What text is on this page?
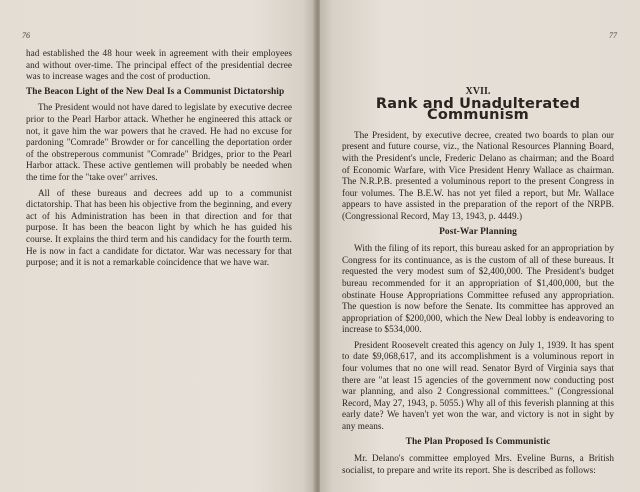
76

had established the 48 hour week in agreement with their employees and without over-time. The principal effect of the presidential decree was to increase wages and the cost of production.

The Beacon Light of the New Deal Is a Communist Dictatorship

The President would not have dared to legislate by executive decree prior to the Pearl Harbor attack. Whether he engineered this attack or not, it gave him the war powers that he craved. He had no excuse for pardoning "Comrade" Browder or for cancelling the deportation order of the obstreperous communist "Comrade" Bridges, prior to the Pearl Harbor attack. These active gentlemen will probably be needed when the time for the "take over" arrives.

All of these bureaus and decrees add up to a communist dictatorship. That has been his objective from the beginning, and every act of his Administration has been in that direction and for that purpose. It has been the beacon light by which he has guided his course. It explains the third term and his candidacy for the fourth term. He is now in fact a candidate for dictator. War was necessary for that purpose; and it is not a remarkable coincidence that we have war.

77
XVII.
Rank and Unadulterated Communism

The President, by executive decree, created two boards to plan our present and future course, viz., the National Resources Planning Board, with the President's uncle, Frederic Delano as chairman; and the Board of Economic Warfare, with Vice President Henry Wallace as chairman. The N.R.P.B. presented a voluminous report to the present Congress in four volumes. The B.E.W. has not yet filed a report, but Mr. Wallace appears to have assisted in the preparation of the report of the NRPB. (Congressional Record, May 13, 1943, p. 4449.)

Post-War Planning

With the filing of its report, this bureau asked for an appropriation by Congress for its continuance, as is the custom of all of these bureaus. It requested the very modest sum of $2,400,000. The President's budget bureau recommended for it an appropriation of $1,400,000, but the obstinate House Appropriations Committee refused any appropriation. The question is now before the Senate. Its committee has approved an appropriation of $200,000, which the New Deal lobby is endeavoring to increase to $534,000.

President Roosevelt created this agency on July 1, 1939. It has spent to date $9,068,617, and its accomplishment is a voluminous report in four volumes that no one will read. Senator Byrd of Virginia says that there are "at least 15 agencies of the government now conducting post war planning, and also 2 Congressional committees." (Congressional Record, May 27, 1943, p. 5055.) Why all of this feverish planning at this early date? We haven't yet won the war, and victory is not in sight by any means.

The Plan Proposed Is Communistic

Mr. Delano's committee employed Mrs. Eveline Burns, a British socialist, to prepare and write its report. She is described as follows:
